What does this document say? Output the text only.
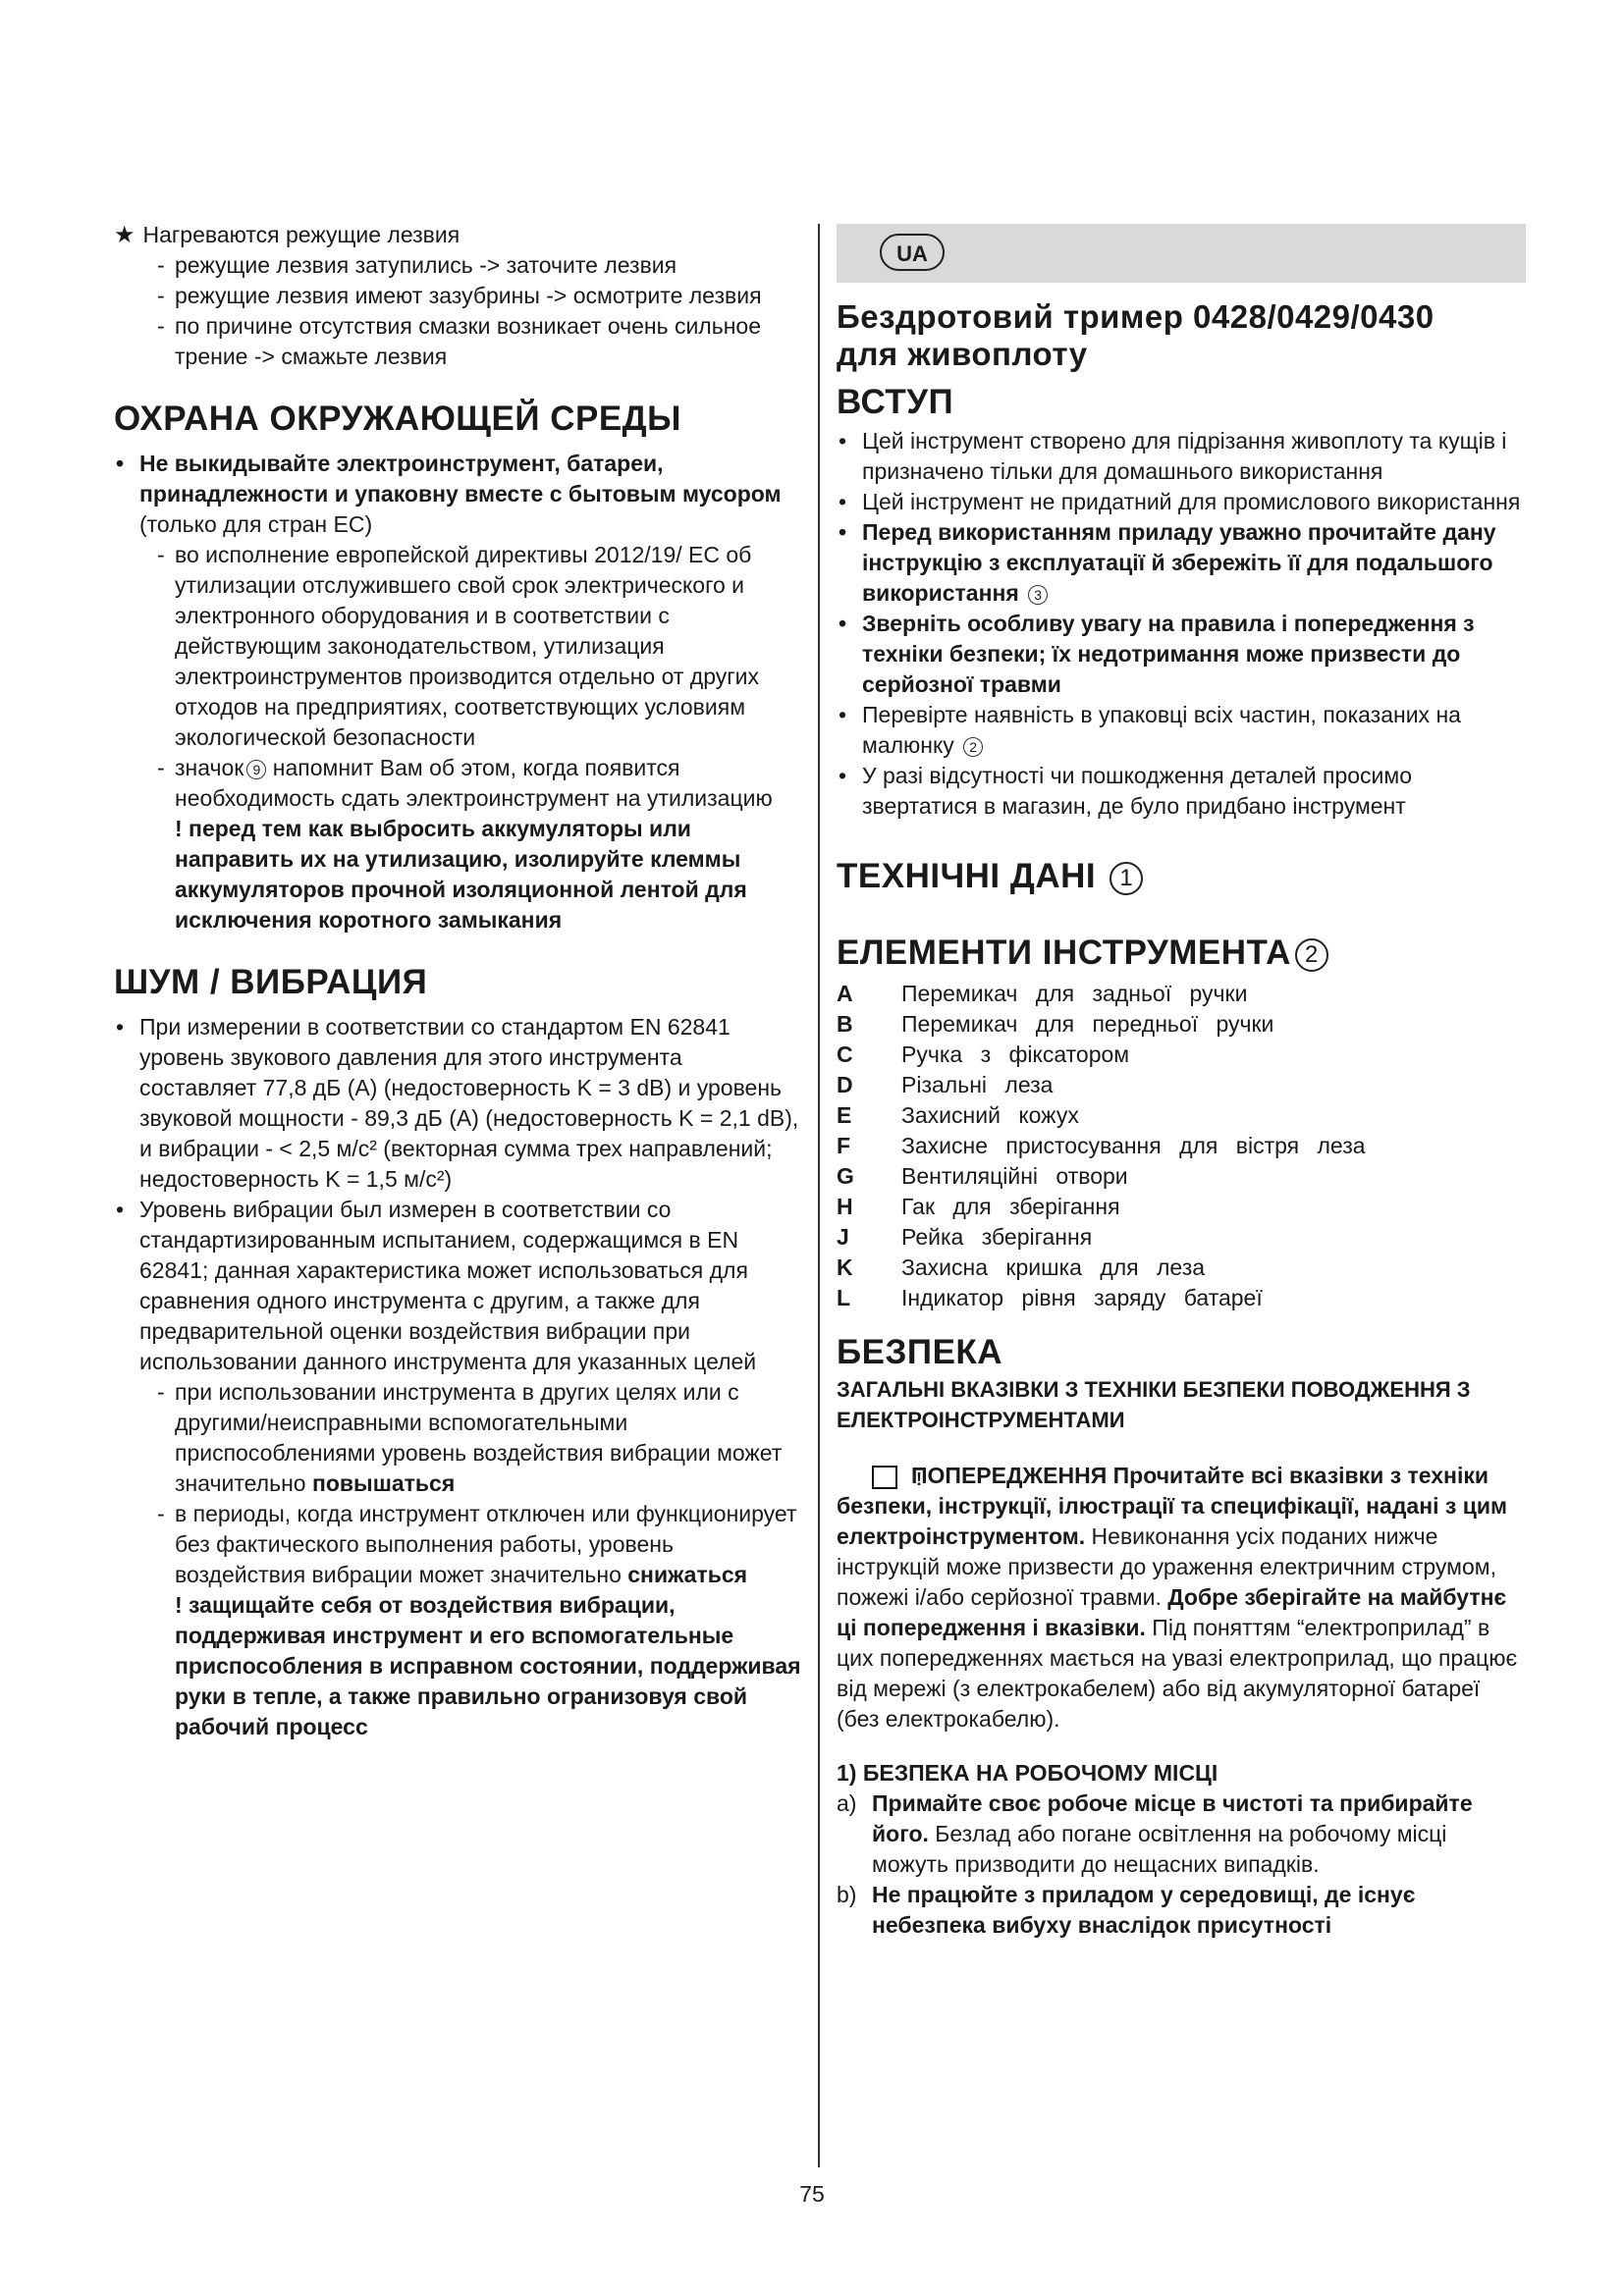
★ Нагреваются режущие лезвия

- режущие лезвия затупились -> заточите лезвия

- режущие лезвия имеют зазубрины -> осмотрите лезвия

- по причине отсутствия смазки возникает очень сильное трение -> смажьте лезвия

ОХРАНА ОКРУЖАЮЩЕЙ СРЕДЫ

• Не выкидывайте электроинструмент, батареи, принадлежности и упаковну вместе с бытовым мусором (только для стран ЕС)

- во исполнение европейской директивы 2012/19/ ЕС об утилизации отслужившего свой срок электрического и электронного оборудования и в соответствии с действующим законодательством, утилизация электроинструментов производится отдельно от других отходов на предприятиях, соответствующих условиям экологической безопасности

- значок 9 напомнит Вам об этом, когда появится необходимость сдать электроинструмент на утилизацию

! перед тем как выбросить аккумуляторы или направить их на утилизацию, изолируйте клеммы аккумуляторов прочной изоляционной лентой для исключения коротного замыкания

ШУМ / ВИБРАЦИЯ

• При измерении в соответствии со стандартом EN 62841 уровень звукового давления для этого инструмента составляет 77,8 дБ (A) (недостоверность K = 3 dB) и уровень звуковой мощности - 89,3 дБ (A) (недостоверность K = 2,1 dB), и вибрации - < 2,5 м/c² (векторная сумма трех направлений; недостоверность K = 1,5 м/c²)

• Уровень вибрации был измерен в соответствии со стандартизированным испытанием, содержащимся в EN 62841; данная характеристика может использоваться для сравнения одного инструмента с другим, а также для предварительной оценки воздействия вибрации при использовании данного инструмента для указанных целей

- при использовании инструмента в других целях или с другими/неисправными вспомогательными приспособлениями уровень воздействия вибрации может значительно повышаться

- в периоды, когда инструмент отключен или функционирует без фактического выполнения работы, уровень воздействия вибрации может значительно снижаться

! защищайте себя от воздействия вибрации, поддерживая инструмент и его вспомогательные приспособления в исправном состоянии, поддерживая руки в тепле, а также правильно огранизовуя свой рабочий процесс

UA
Бездротовий тример 0428/0429/0430
для живоплоту
ВСТУП

• Цей інструмент створено для підрізання живоплоту та кущів і призначено тільки для домашнього використання

• Цей інструмент не придатний для промислового використання

• Перед використанням приладу уважно прочитайте дану інструкцію з експлуатації й збережіть її для подальшого використання 3

• Зверніть особливу увагу на правила і попередження з техніки безпеки; їх недотримання може призвести до серйозної травми

• Перевірте наявність в упаковці всіх частин, показаних на малюнку 2

• У разі відсутності чи пошкодження деталей просимо звертатися в магазин, де було придбано інструмент

ТЕХНІЧНІ ДАНІ 1
ЕЛЕМЕНТИ ІНСТРУМЕНТА 2
A	Перемикач для задньої ручки
B	Перемикач для передньої ручки
C	Ручка з фіксатором
D	Різальні леза
E	Захисний кожух
F	Захисне пристосування для вістря леза
G	Вентиляційні отвори
H	Гак для зберігання
J	Рейка зберігання
K	Захисна кришка для леза
L	Індикатор рівня заряду батареї
БЕЗПЕКА

ЗАГАЛЬНІ ВКАЗІВКИ З ТЕХНІКИ БЕЗПЕКИ ПОВОДЖЕННЯ З ЕЛЕКТРОІНСТРУМЕНТАМИ

!ПОПЕРЕДЖЕННЯ Прочитайте всі вказівки з техніки безпеки, інструкції, ілюстрації та специфікації, надані з цим електроінструментом. Невиконання усіх поданих нижче інструкцій може призвести до ураження електричним струмом, пожежі і/або серйозної травми. Добре зберігайте на майбутнє ці попередження і вказівки. Під поняттям “електроприлад” в цих попередженнях мається на увазі електроприлад, що працює від мережі (з електрокабелем) або від акумуляторної батареї (без електрокабелю).

1) БЕЗПЕКА НА РОБОЧОМУ МІСЦІ

a) Примайте своє робоче місце в чистоті та прибирайте його. Безлад або погане освітлення на робочому місці можуть призводити до нещасних випадків.

b) Не працюйте з приладом у середовищі, де існує небезпека вибуху внаслідок присутності

75
